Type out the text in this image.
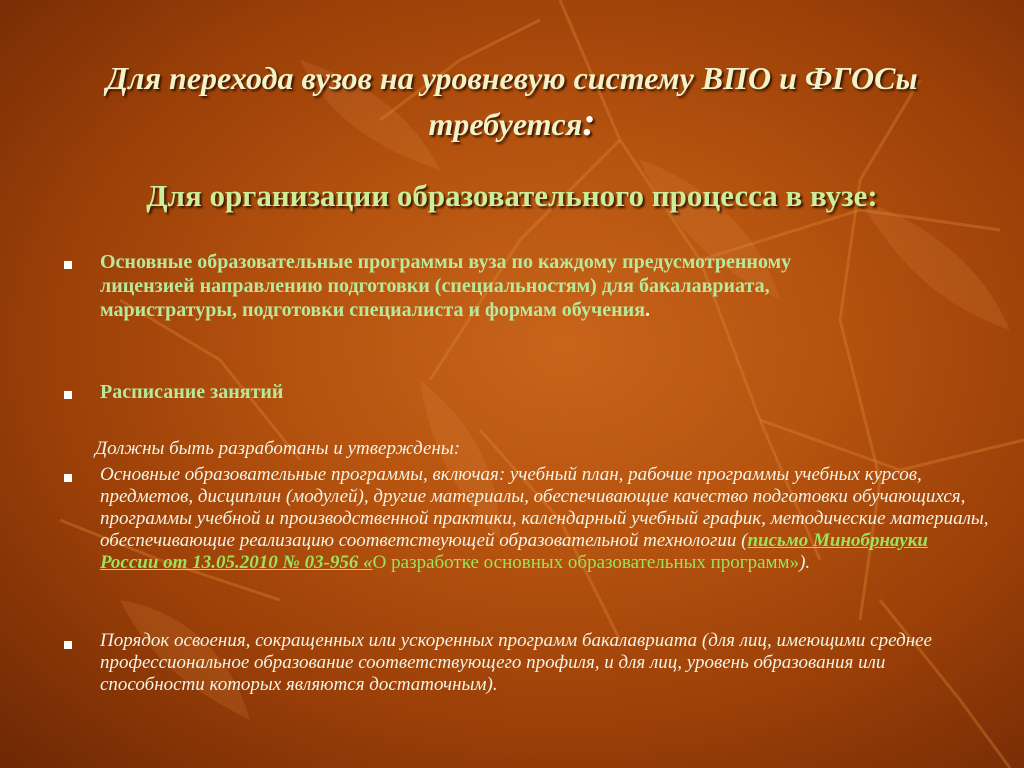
Для перехода вузов на уровневую систему ВПО и ФГОСы
требуется:
Для организации образовательного процесса в вузе:
Основные образовательные программы вуза по каждому предусмотренному лицензией направлению подготовки (специальностям) для бакалавриата, маристратуры, подготовки специалиста и формам обучения.
Расписание занятий
Должны быть разработаны и утверждены:
Основные образовательные программы, включая: учебный план, рабочие программы учебных курсов, предметов, дисциплин (модулей), другие материалы, обеспечивающие качество подготовки обучающихся, программы учебной и производственной практики, календарный учебный график, методические материалы, обеспечивающие реализацию соответствующей образовательной технологии (письмо Минобрнауки России от 13.05.2010 № 03-956 «О разработке основных образовательных программ»).
Порядок освоения, сокращенных или ускоренных программ бакалавриата (для лиц, имеющими среднее профессиональное образование соответствующего профиля, и для лиц, уровень образования или способности которых являются достаточным).
